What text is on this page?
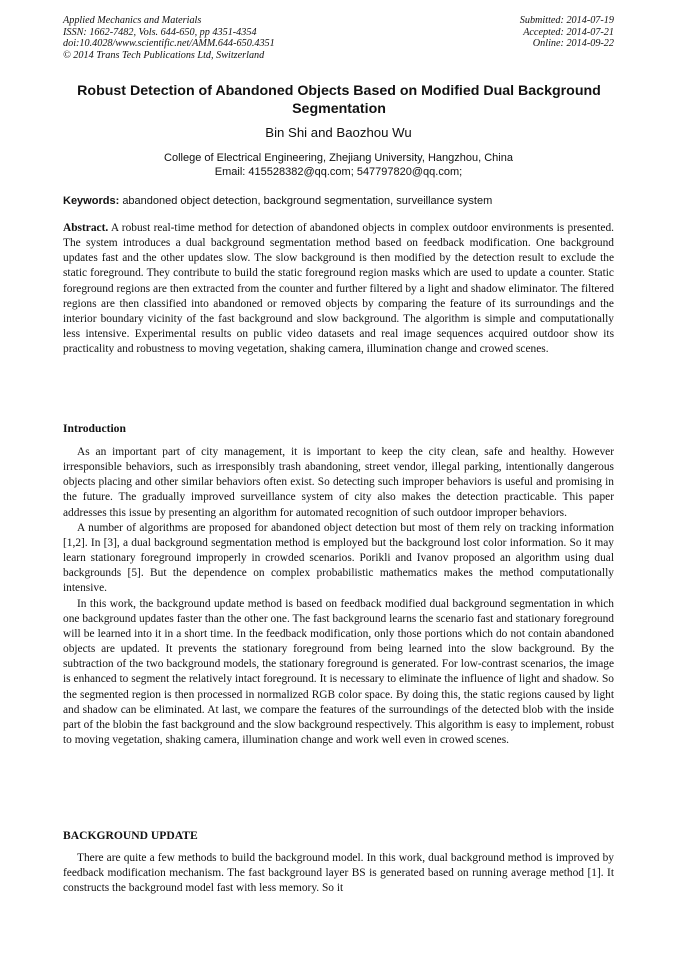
Applied Mechanics and Materials
ISSN: 1662-7482, Vols. 644-650, pp 4351-4354
doi:10.4028/www.scientific.net/AMM.644-650.4351
© 2014 Trans Tech Publications Ltd, Switzerland
Submitted: 2014-07-19
Accepted: 2014-07-21
Online: 2014-09-22
Robust Detection of Abandoned Objects Based on Modified Dual Background Segmentation
Bin Shi and Baozhou Wu
College of Electrical Engineering, Zhejiang University, Hangzhou, China
Email: 415528382@qq.com; 547797820@qq.com;
Keywords: abandoned object detection, background segmentation, surveillance system
Abstract. A robust real-time method for detection of abandoned objects in complex outdoor environments is presented. The system introduces a dual background segmentation method based on feedback modification. One background updates fast and the other updates slow. The slow background is then modified by the detection result to exclude the static foreground. They contribute to build the static foreground region masks which are used to update a counter. Static foreground regions are then extracted from the counter and further filtered by a light and shadow eliminator. The filtered regions are then classified into abandoned or removed objects by comparing the feature of its surroundings and the interior boundary vicinity of the fast background and slow background. The algorithm is simple and computationally less intensive. Experimental results on public video datasets and real image sequences acquired outdoor show its practicality and robustness to moving vegetation, shaking camera, illumination change and crowed scenes.
Introduction

As an important part of city management, it is important to keep the city clean, safe and healthy. However irresponsible behaviors, such as irresponsibly trash abandoning, street vendor, illegal parking, intentionally dangerous objects placing and other similar behaviors often exist. So detecting such improper behaviors is useful and promising in the future. The gradually improved surveillance system of city also makes the detection practicable. This paper addresses this issue by presenting an algorithm for automated recognition of such outdoor improper behaviors.

A number of algorithms are proposed for abandoned object detection but most of them rely on tracking information [1,2]. In [3], a dual background segmentation method is employed but the background lost color information. So it may learn stationary foreground improperly in crowded scenarios. Porikli and Ivanov proposed an algorithm using dual backgrounds [5]. But the dependence on complex probabilistic mathematics makes the method computationally intensive.

In this work, the background update method is based on feedback modified dual background segmentation in which one background updates faster than the other one. The fast background learns the scenario fast and stationary foreground will be learned into it in a short time. In the feedback modification, only those portions which do not contain abandoned objects are updated. It prevents the stationary foreground from being learned into the slow background. By the subtraction of the two background models, the stationary foreground is generated. For low-contrast scenarios, the image is enhanced to segment the relatively intact foreground. It is necessary to eliminate the influence of light and shadow. So the segmented region is then processed in normalized RGB color space. By doing this, the static regions caused by light and shadow can be eliminated. At last, we compare the features of the surroundings of the detected blob with the inside part of the blobin the fast background and the slow background respectively. This algorithm is easy to implement, robust to moving vegetation, shaking camera, illumination change and work well even in crowed scenes.

BACKGROUND UPDATE

There are quite a few methods to build the background model. In this work, dual background method is improved by feedback modification mechanism. The fast background layer BS is generated based on running average method [1]. It constructs the background model fast with less memory. So it
